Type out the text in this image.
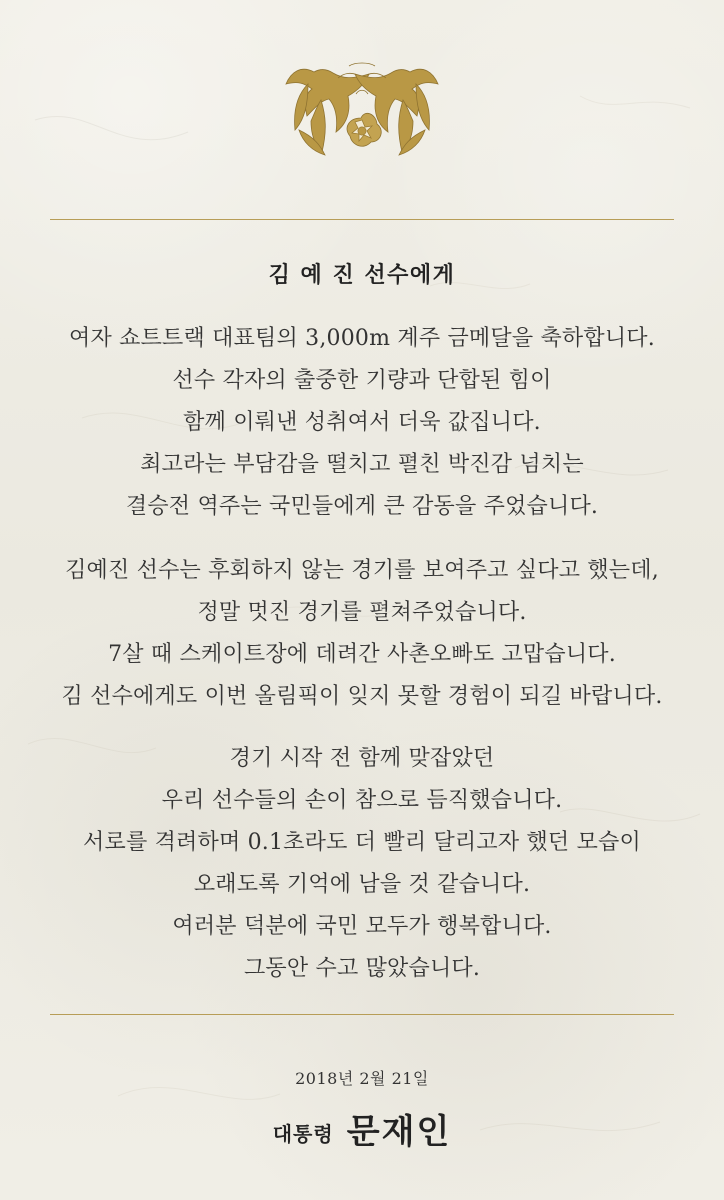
김 예 진 선수에게
여자 쇼트트랙 대표팀의 3,000m 계주 금메달을 축하합니다.
선수 각자의 출중한 기량과 단합된 힘이
함께 이뤄낸 성취여서 더욱 값집니다.
최고라는 부담감을 떨치고 펼친 박진감 넘치는
결승전 역주는 국민들에게 큰 감동을 주었습니다.
김예진 선수는 후회하지 않는 경기를 보여주고 싶다고 했는데,
정말 멋진 경기를 펼쳐주었습니다.
7살 때 스케이트장에 데려간 사촌오빠도 고맙습니다.
김 선수에게도 이번 올림픽이 잊지 못할 경험이 되길 바랍니다.
경기 시작 전 함께 맞잡았던
우리 선수들의 손이 참으로 듬직했습니다.
서로를 격려하며 0.1초라도 더 빨리 달리고자 했던 모습이
오래도록 기억에 남을 것 같습니다.
여러분 덕분에 국민 모두가 행복합니다.
그동안 수고 많았습니다.
2018년 2월 21일
대통령 문재인
